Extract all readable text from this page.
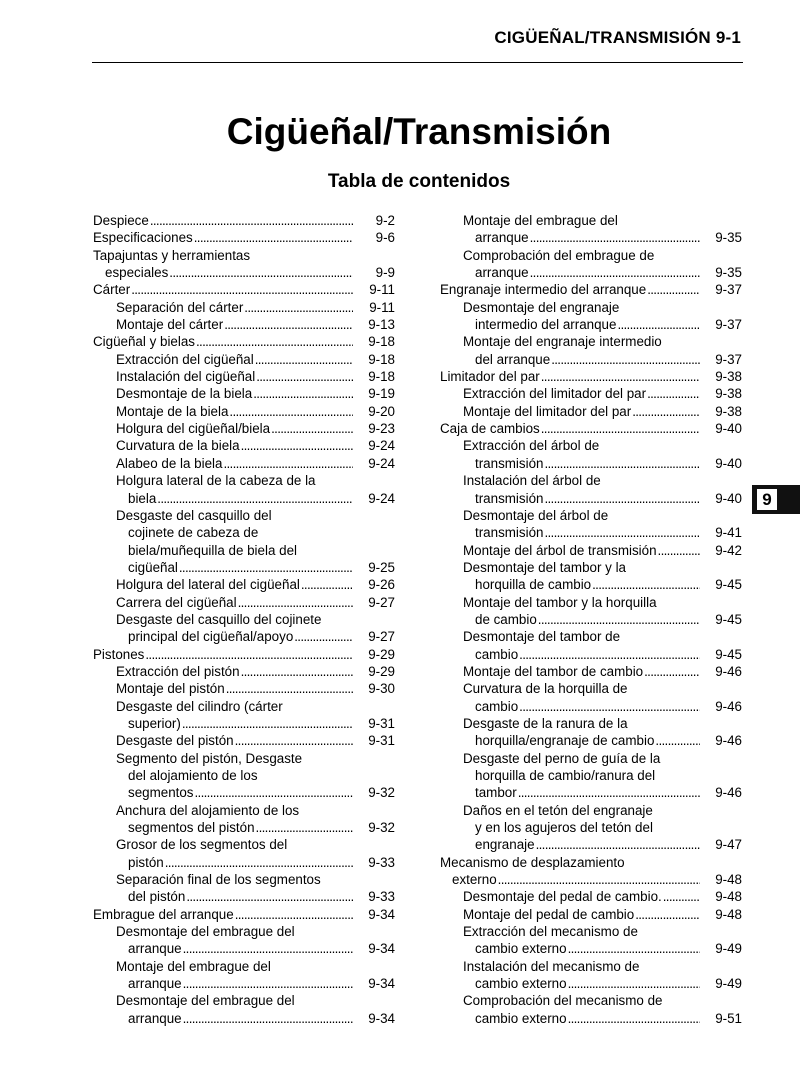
CIGÜEÑAL/TRANSMISIÓN 9-1
Cigüeñal/Transmisión
Tabla de contenidos
Despiece . . .	9-2
Especificaciones . . .	9-6
Tapajuntas y herramientas
especiales . . .	9-9
Cárter . . .	9-11
Separación del cárter . . .	9-11
Montaje del cárter . . .	9-13
Cigüeñal y bielas . . .	9-18
Extracción del cigüeñal . . .	9-18
Instalación del cigüeñal . . .	9-18
Desmontaje de la biela . . .	9-19
Montaje de la biela . . .	9-20
Holgura del cigüeñal/biela . . .	9-23
Curvatura de la biela . . .	9-24
Alabeo de la biela . . .	9-24
Holgura lateral de la cabeza de la
biela . . .	9-24
Desgaste del casquillo del
cojinete de cabeza de
biela/muñequilla de biela del
cigüeñal . . .	9-25
Holgura del lateral del cigüeñal . . .	9-26
Carrera del cigüeñal . . .	9-27
Desgaste del casquillo del cojinete
principal del cigüeñal/apoyo . . .	9-27
Pistones . . .	9-29
Extracción del pistón . . .	9-29
Montaje del pistón . . .	9-30
Desgaste del cilindro (cárter
superior) . . .	9-31
Desgaste del pistón . . .	9-31
Segmento del pistón, Desgaste
del alojamiento de los
segmentos . . .	9-32
Anchura del alojamiento de los
segmentos del pistón . . .	9-32
Grosor de los segmentos del
pistón . . .	9-33
Separación final de los segmentos
del pistón . . .	9-33
Embrague del arranque . . .	9-34
Desmontaje del embrague del
arranque . . .	9-34
Montaje del embrague del
arranque . . .	9-34
Desmontaje del embrague del
arranque . . .	9-34
Montaje del embrague del
arranque . . .	9-35
Comprobación del embrague de
arranque . . .	9-35
Engranaje intermedio del arranque . . .	9-37
Desmontaje del engranaje
intermedio del arranque . . .	9-37
Montaje del engranaje intermedio
del arranque . . .	9-37
Limitador del par . . .	9-38
Extracción del limitador del par . . .	9-38
Montaje del limitador del par . . .	9-38
Caja de cambios . . .	9-40
Extracción del árbol de
transmisión . . .	9-40
Instalación del árbol de
transmisión . . .	9-40
Desmontaje del árbol de
transmisión . . .	9-41
Montaje del árbol de transmisión . . .	9-42
Desmontaje del tambor y la
horquilla de cambio . . .	9-45
Montaje del tambor y la horquilla
de cambio . . .	9-45
Desmontaje del tambor de
cambio . . .	9-45
Montaje del tambor de cambio . . .	9-46
Curvatura de la horquilla de
cambio . . .	9-46
Desgaste de la ranura de la
horquilla/engranaje de cambio . . .	9-46
Desgaste del perno de guía de la
horquilla de cambio/ranura del
tambor . . .	9-46
Daños en el tetón del engranaje
y en los agujeros del tetón del
engranaje . . .	9-47
Mecanismo de desplazamiento
externo . . .	9-48
Desmontaje del pedal de cambio. . . .	9-48
Montaje del pedal de cambio . . .	9-48
Extracción del mecanismo de
cambio externo . . .	9-49
Instalación del mecanismo de
cambio externo . . .	9-49
Comprobación del mecanismo de
cambio externo . . .	9-51
9
